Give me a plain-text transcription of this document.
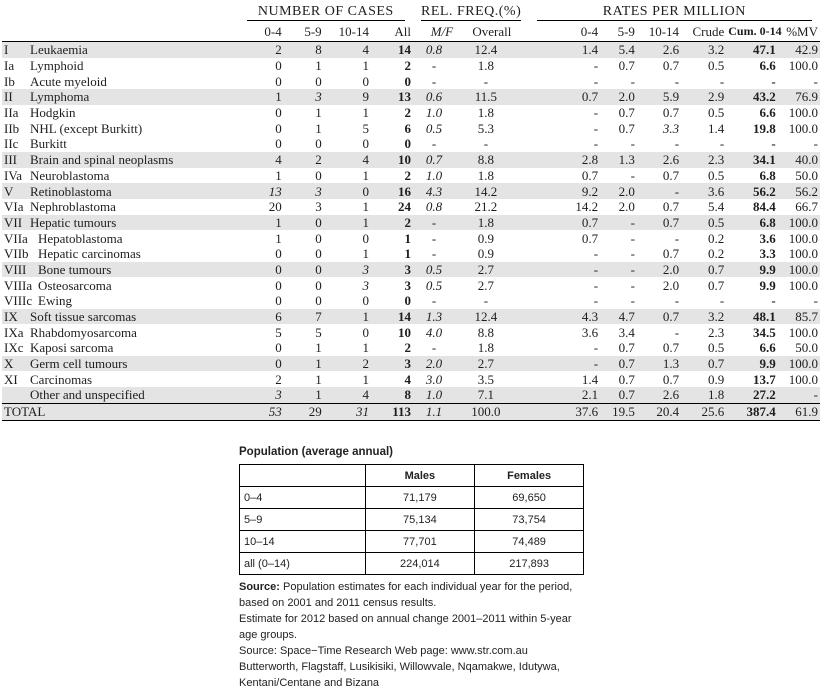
	NUMBER OF CASES				REL. FREQ.(%)		RATES PER MILLION					

	0-4	5-9	10-14	All	M/F	Overall	0-4	5-9	10-14	Crude	Cum. 0-14	%MV
I Leukaemia	2	8	4	14	0.8	12.4	1.4	5.4	2.6	3.2	47.1	42.9
Ia Lymphoid	0	1	1	2	-	1.8	-	0.7	0.7	0.5	6.6	100.0
Ib Acute myeloid	0	0	0	0	-	-	-	-	-	-	-	-
II Lymphoma	1	3	9	13	0.6	11.5	0.7	2.0	5.9	2.9	43.2	76.9
IIa Hodgkin	0	1	1	2	1.0	1.8	-	0.7	0.7	0.5	6.6	100.0
IIb NHL (except Burkitt)	0	1	5	6	0.5	5.3	-	0.7	3.3	1.4	19.8	100.0
IIc Burkitt	0	0	0	0	-	-	-	-	-	-	-	-
III Brain and spinal neoplasms	4	2	4	10	0.7	8.8	2.8	1.3	2.6	2.3	34.1	40.0
IVa Neuroblastoma	1	0	1	2	1.0	1.8	0.7	-	0.7	0.5	6.8	50.0
V Retinoblastoma	13	3	0	16	4.3	14.2	9.2	2.0	-	3.6	56.2	56.2
VIa Nephroblastoma	20	3	1	24	0.8	21.2	14.2	2.0	0.7	5.4	84.4	66.7
VII Hepatic tumours	1	0	1	2	-	1.8	0.7	-	0.7	0.5	6.8	100.0
VIIa Hepatoblastoma	1	0	0	1	-	0.9	0.7	-	-	0.2	3.6	100.0
VIIb Hepatic carcinomas	0	0	1	1	-	0.9	-	-	0.7	0.2	3.3	100.0
VIII Bone tumours	0	0	3	3	0.5	2.7	-	-	2.0	0.7	9.9	100.0
VIIIa Osteosarcoma	0	0	3	3	0.5	2.7	-	-	2.0	0.7	9.9	100.0
VIIIc Ewing	0	0	0	0	-	-	-	-	-	-	-	-
IX Soft tissue sarcomas	6	7	1	14	1.3	12.4	4.3	4.7	0.7	3.2	48.1	85.7
IXa Rhabdomyosarcoma	5	5	0	10	4.0	8.8	3.6	3.4	-	2.3	34.5	100.0
IXc Kaposi sarcoma	0	1	1	2	-	1.8	-	0.7	0.7	0.5	6.6	50.0
X Germ cell tumours	0	1	2	3	2.0	2.7	-	0.7	1.3	0.7	9.9	100.0
XI Carcinomas	2	1	1	4	3.0	3.5	1.4	0.7	0.7	0.9	13.7	100.0
Other and unspecified	3	1	4	8	1.0	7.1	2.1	0.7	2.6	1.8	27.2	-
TOTAL	53	29	31	113	1.1	100.0	37.6	19.5	20.4	25.6	387.4	61.9
Population (average annual)
	Males	Females
0–4	71,179	69,650
5–9	75,134	73,754
10–14	77,701	74,489
all (0–14)	224,014	217,893
Source: Population estimates for each individual year for the period, based on 2001 and 2011 census results.
Estimate for 2012 based on annual change 2001–2011 within 5-year age groups.
Source: Space−Time Research Web page: www.str.com.au
Butterworth, Flagstaff, Lusikisiki, Willowvale, Nqamakwe, Idutywa, Kentani/Centane and Bizana
